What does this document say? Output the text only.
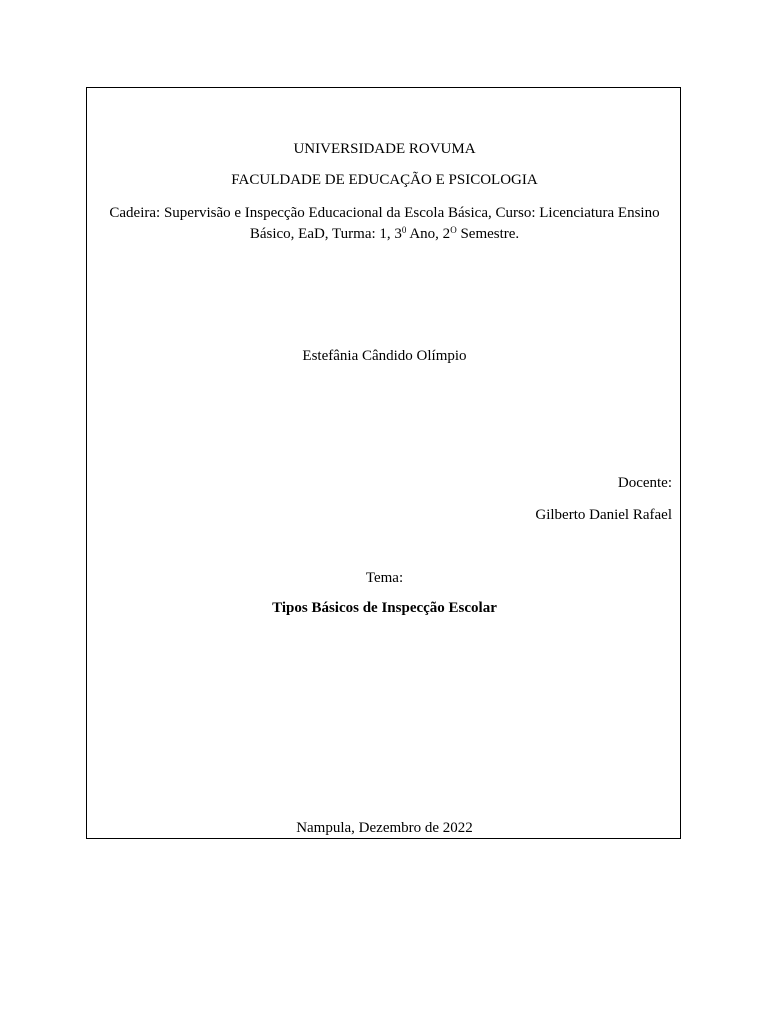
UNIVERSIDADE ROVUMA
FACULDADE DE EDUCAÇÃO E PSICOLOGIA
Cadeira: Supervisão e Inspecção Educacional da Escola Básica, Curso: Licenciatura Ensino
Básico, EaD, Turma: 1, $3^0$ Ano, $2^O$ Semestre.
Estefânia Cândido Olímpio
Docente:
Gilberto Daniel Rafael
Tema:
Tipos Básicos de Inspecção Escolar
Nampula, Dezembro de 2022
